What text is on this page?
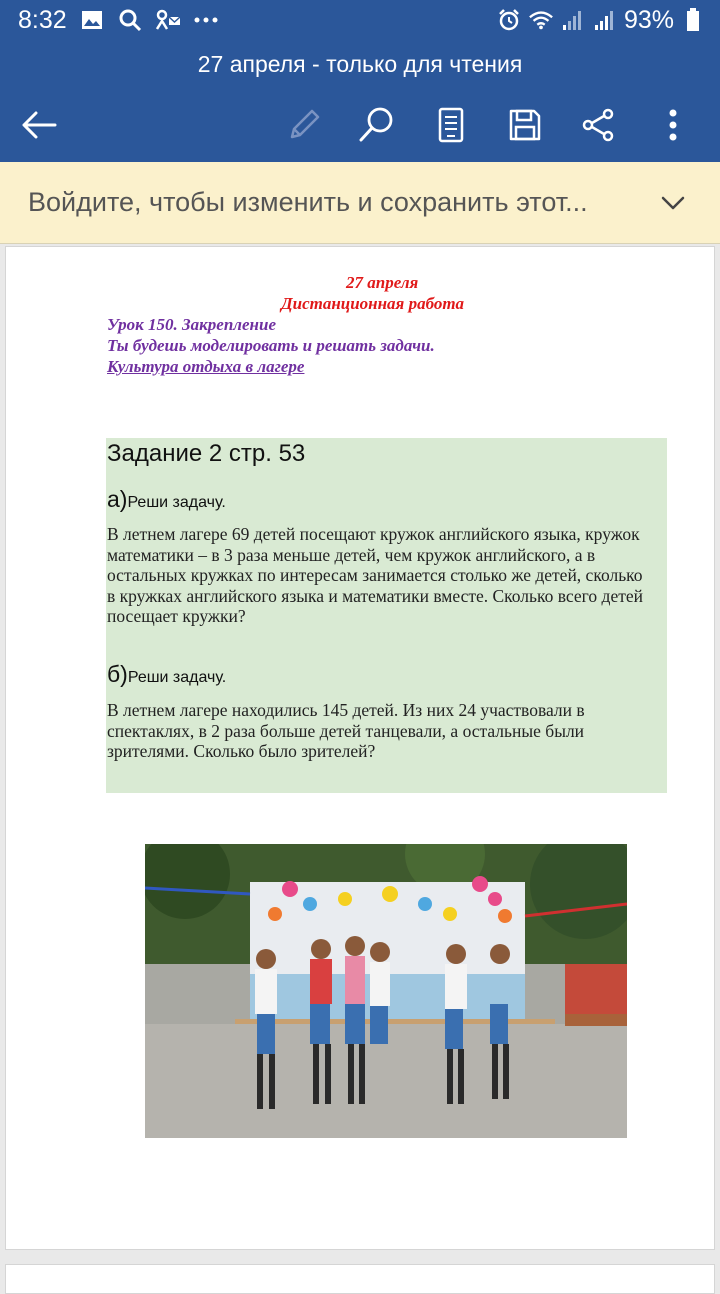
8:32	93%
27 апреля - только для чтения
Войдите, чтобы изменить и сохранить этот...
27 апреля
Дистанционная работа
Урок 150. Закрепление
Ты будешь моделировать и решать задачи.
Культура отдыха в лагере
Задание 2 стр. 53
а)Реши задачу.
В летнем лагере 69 детей посещают кружок английского языка, кружок математики – в 3 раза меньше детей, чем кружок английского, а в остальных кружках по интересам занимается столько же детей, сколько в кружках английского языка и математики вместе. Сколько всего детей посещает кружки?
б)Реши задачу.
В летнем лагере находились 145 детей. Из них 24 участвовали в спектаклях, в 2 раза больше детей танцевали, а остальные были зрителями. Сколько было зрителей?
